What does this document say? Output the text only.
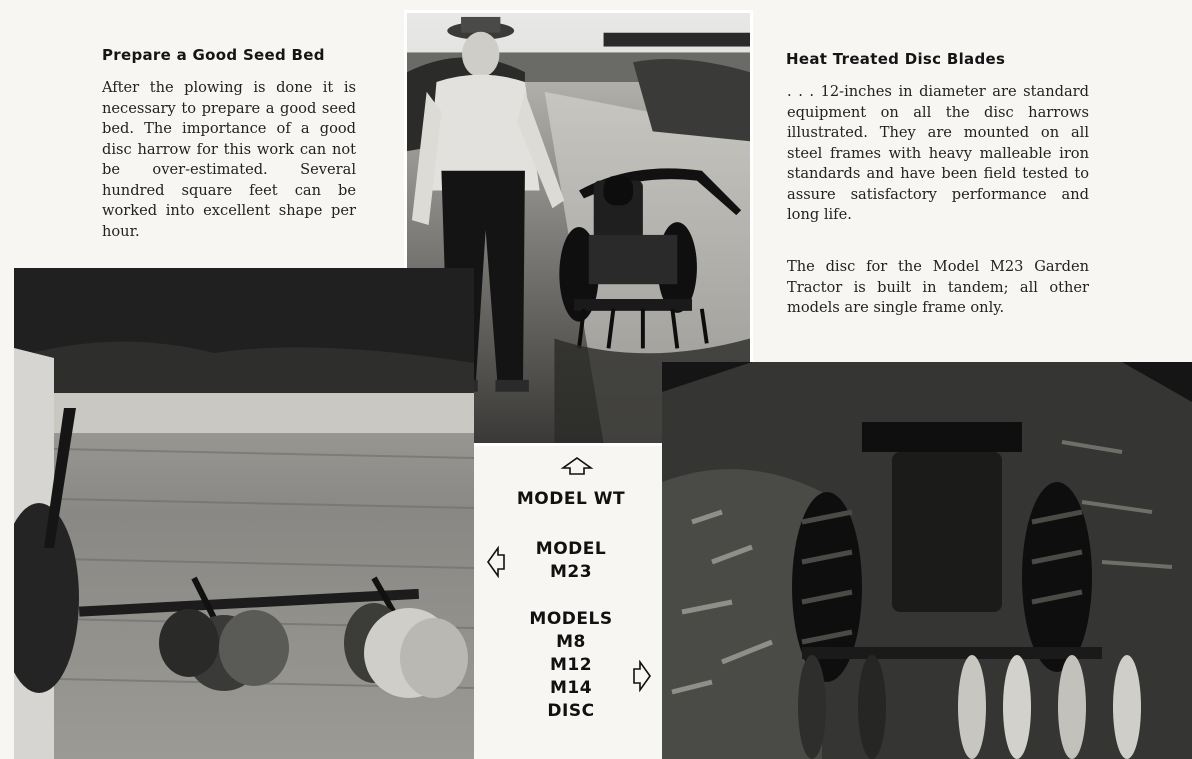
Prepare a Good Seed Bed

After the plowing is done it is necessary to prepare a good seed bed. The importance of a good disc harrow for this work can not be over-estimated. Several hundred square feet can be worked into excellent shape per hour.

Heat Treated Disc Blades

. . . 12-inches in diameter are standard equipment on all the disc harrows illustrated. They are mounted on all steel frames with heavy malleable iron standards and have been field tested to assure satisfactory performance and long life.

The disc for the Model M23 Garden Tractor is built in tandem; all other models are single frame only.

MODEL WT

MODEL
M23

MODELS
M8
M12
M14
DISC
